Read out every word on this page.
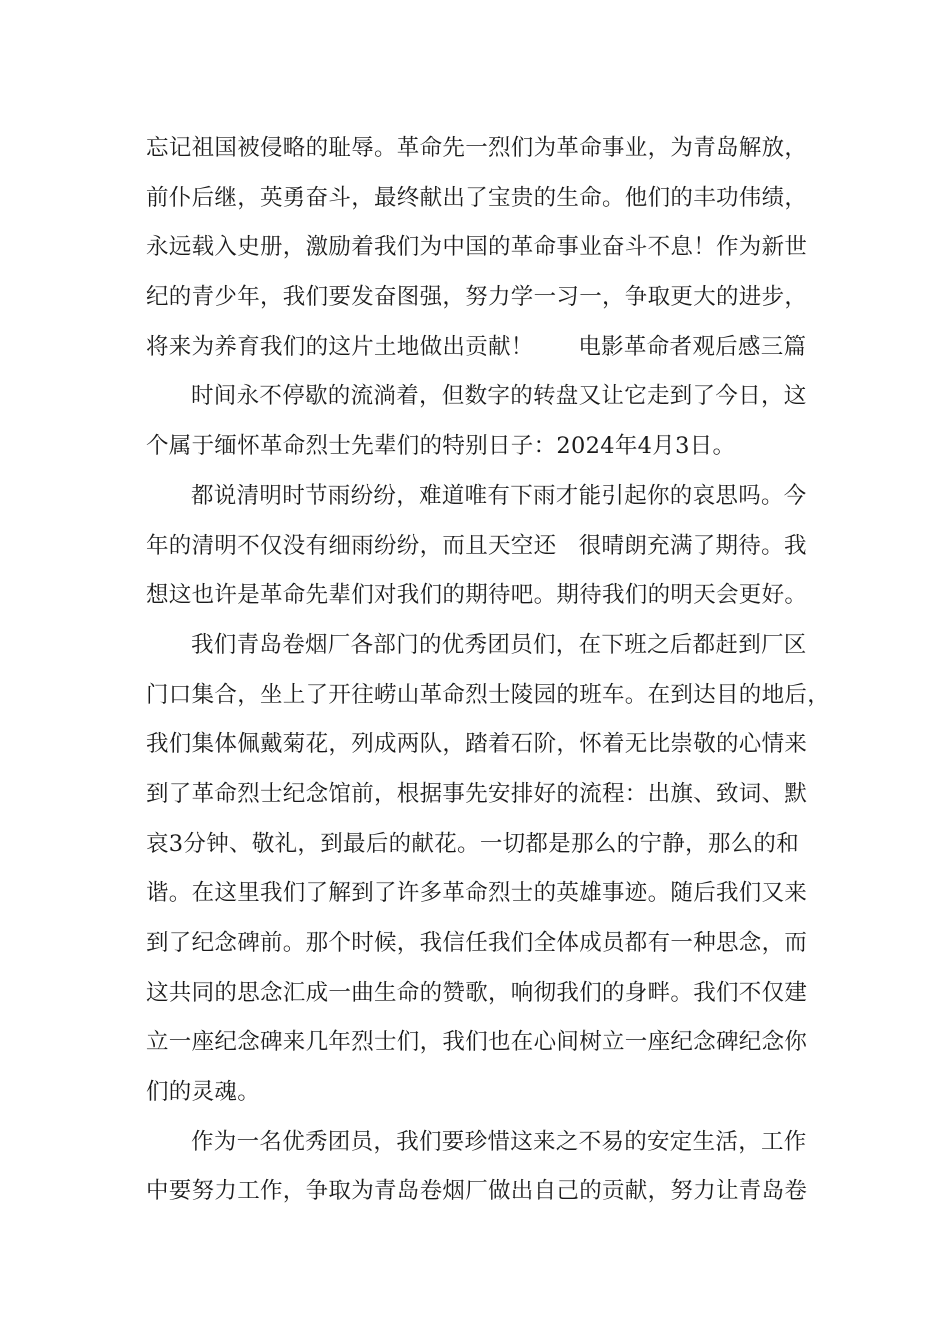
忘记祖国被侵略的耻辱。革命先一烈们为革命事业，为青岛解放，
前仆后继，英勇奋斗，最终献出了宝贵的生命。他们的丰功伟绩，
永远载入史册，激励着我们为中国的革命事业奋斗不息！作为新世
纪的青少年，我们要发奋图强，努力学一习一，争取更大的进步，
将来为养育我们的这片土地做出贡献！      电影革命者观后感三篇
时间永不停歇的流淌着，但数字的转盘又让它走到了今日，这
个属于缅怀革命烈士先辈们的特别日子：2024年4月3日。
都说清明时节雨纷纷，难道唯有下雨才能引起你的哀思吗。今
年的清明不仅没有细雨纷纷，而且天空还   很晴朗充满了期待。我
想这也许是革命先辈们对我们的期待吧。期待我们的明天会更好。
我们青岛卷烟厂各部门的优秀团员们，在下班之后都赶到厂区
门口集合，坐上了开往崂山革命烈士陵园的班车。在到达目的地后，
我们集体佩戴菊花，列成两队，踏着石阶，怀着无比崇敬的心情来
到了革命烈士纪念馆前，根据事先安排好的流程：出旗、致词、默
哀3分钟、敬礼，到最后的献花。一切都是那么的宁静，那么的和
谐。在这里我们了解到了许多革命烈士的英雄事迹。随后我们又来
到了纪念碑前。那个时候，我信任我们全体成员都有一种思念，而
这共同的思念汇成一曲生命的赞歌，响彻我们的身畔。我们不仅建
立一座纪念碑来几年烈士们，我们也在心间树立一座纪念碑纪念你
们的灵魂。
作为一名优秀团员，我们要珍惜这来之不易的安定生活，工作
中要努力工作，争取为青岛卷烟厂做出自己的贡献，努力让青岛卷
